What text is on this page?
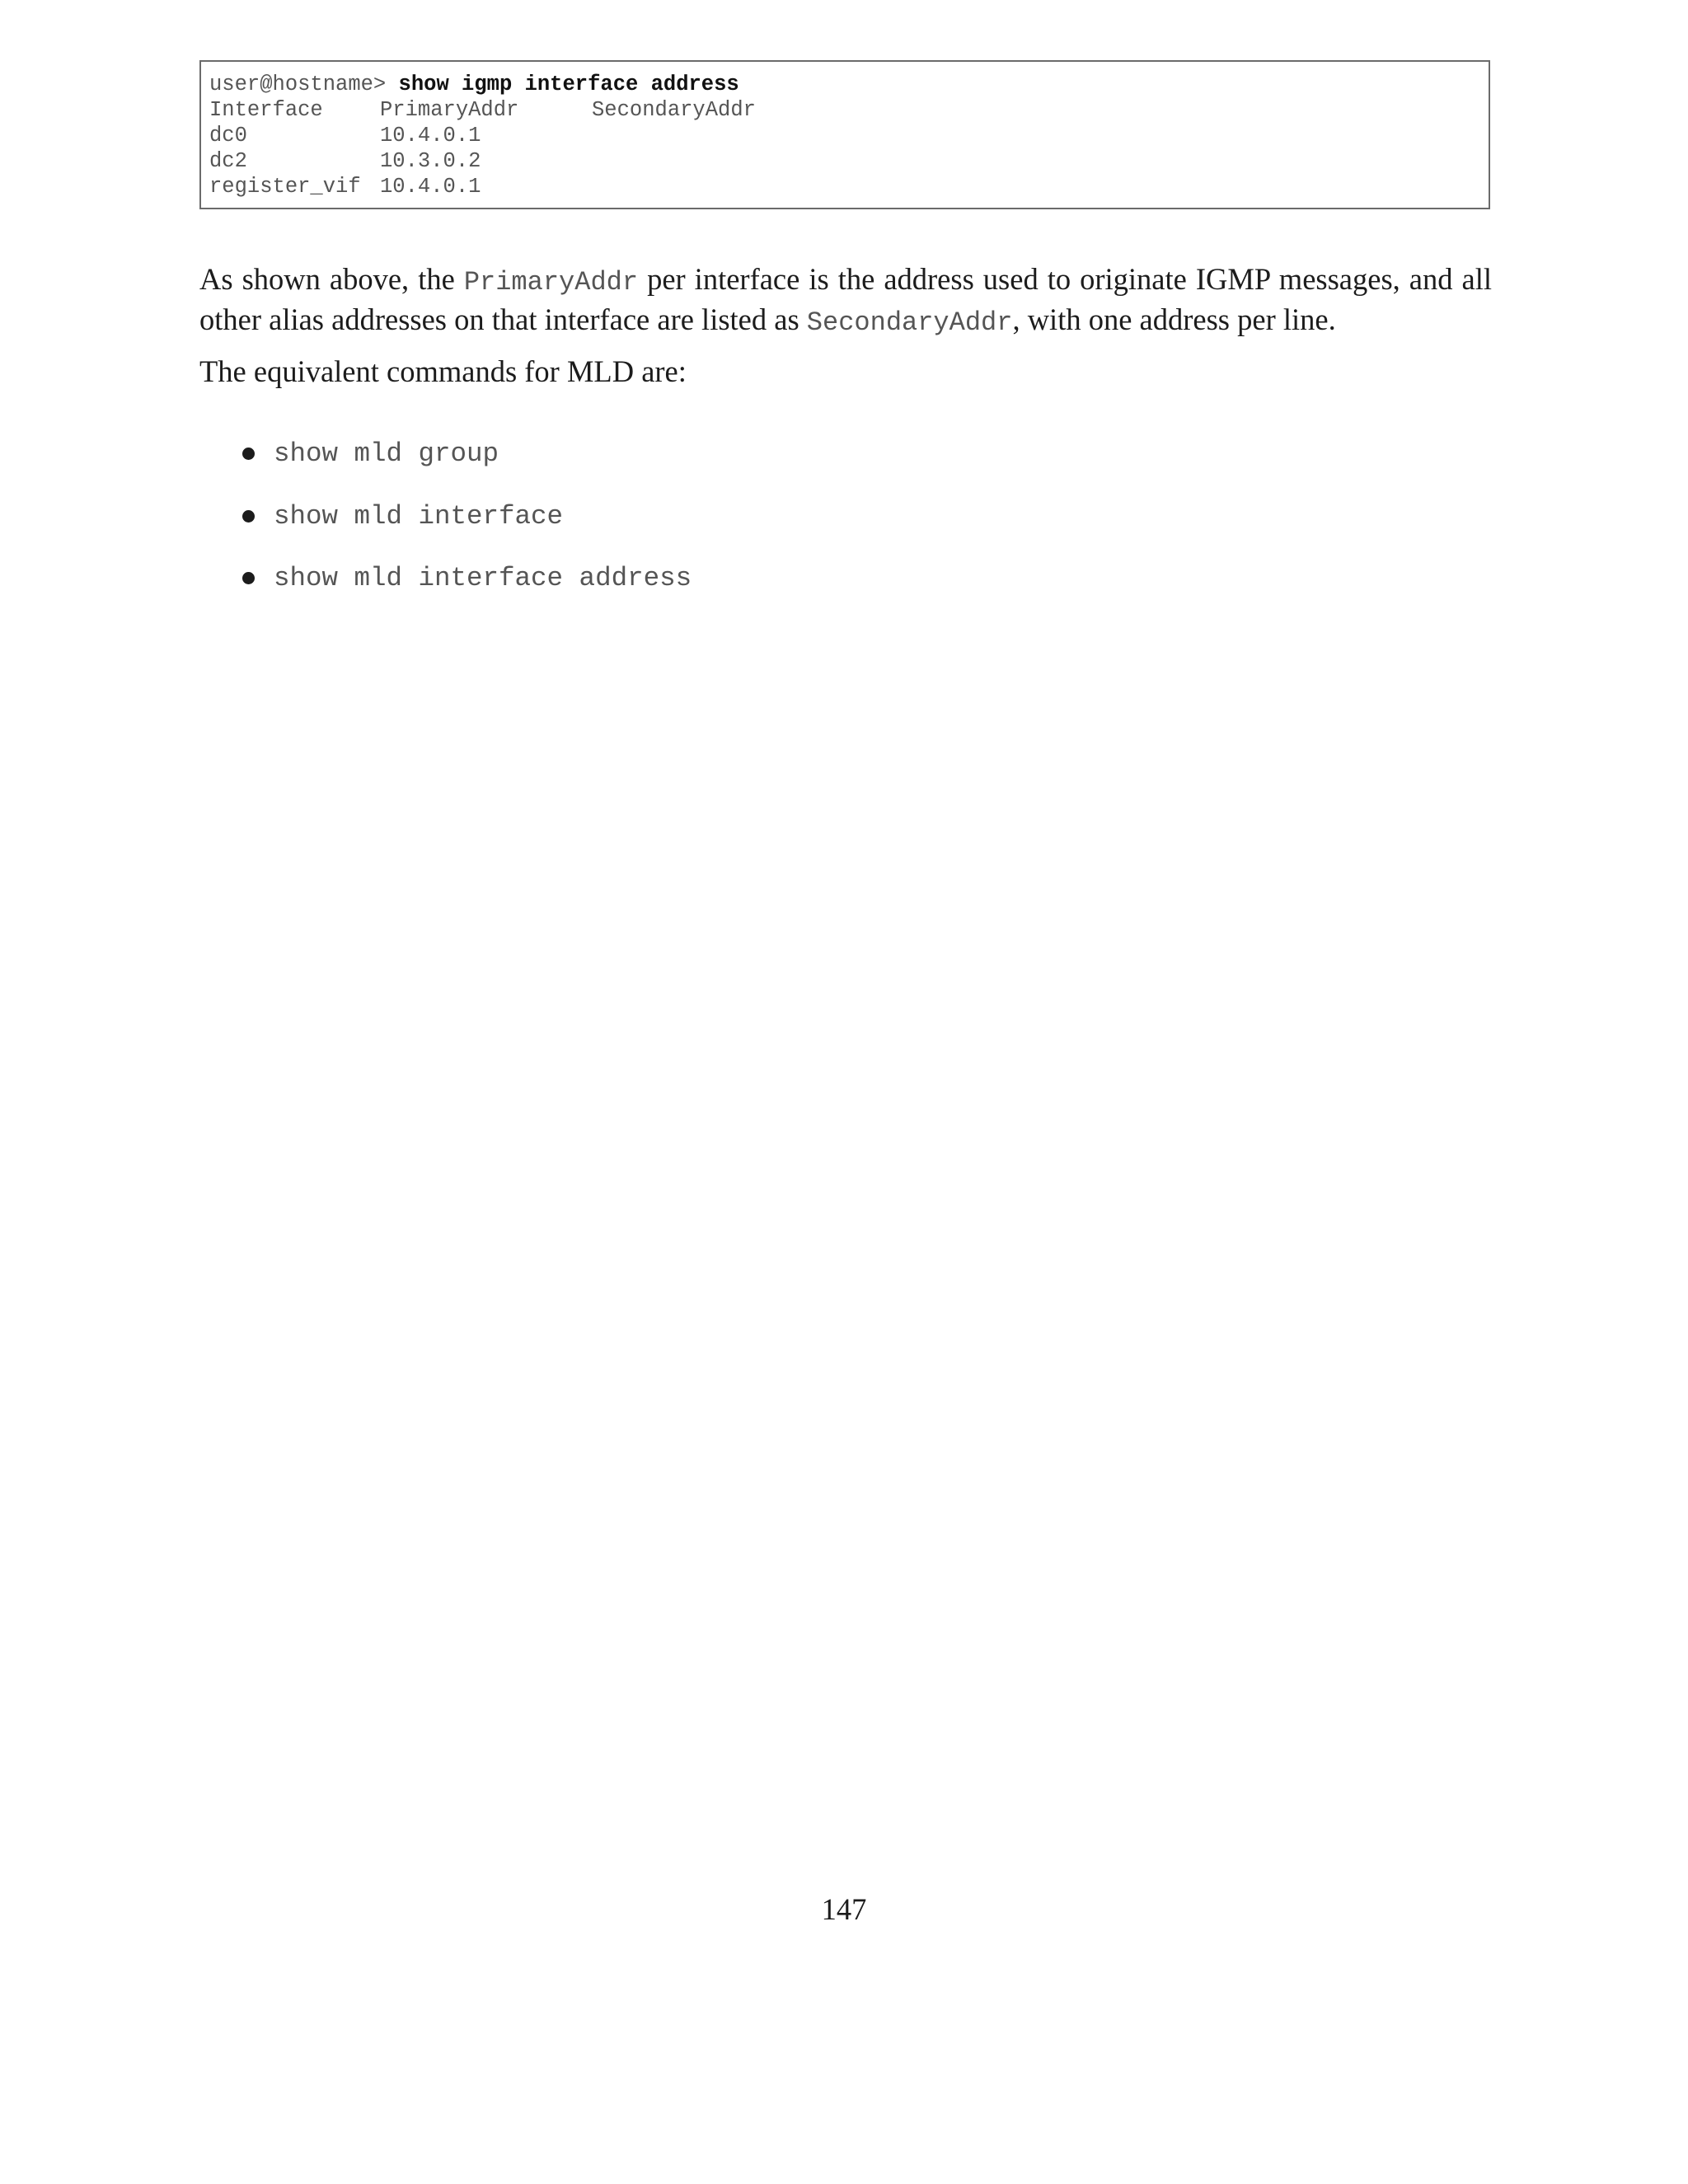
user@hostname> show igmp interface address
Interface	PrimaryAddr	SecondaryAddr
dc0	10.4.0.1
dc2	10.3.0.2
register_vif 10.4.0.1

As shown above, the PrimaryAddr per interface is the address used to originate IGMP messages, and all other alias addresses on that interface are listed as SecondaryAddr, with one address per line.

The equivalent commands for MLD are:

show mld group
show mld interface
show mld interface address
147
